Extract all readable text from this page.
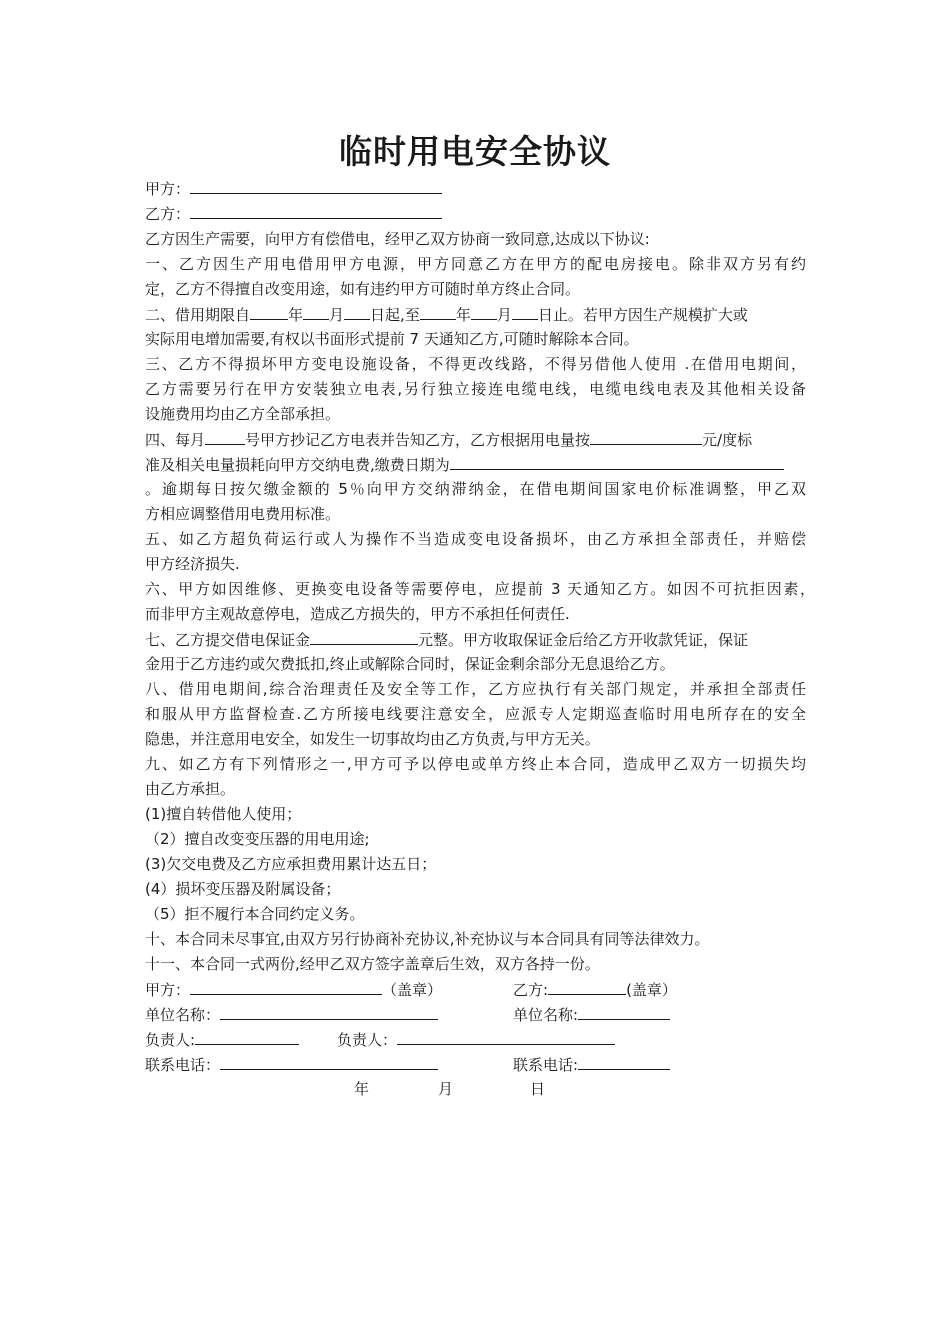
临时用电安全协议
甲方：
乙方：
乙方因生产需要，向甲方有偿借电，经甲乙双方协商一致同意,达成以下协议:
一、乙方因生产用电借用甲方电源，甲方同意乙方在甲方的配电房接电。除非双方另有约
定，乙方不得擅自改变用途，如有违约甲方可随时单方终止合同。
二、借用期限自	年 月 日起,至 年 月 日止。若甲方因生产规模扩大或
实际用电增加需要,有权以书面形式提前 7 天通知乙方,可随时解除本合同。
三、乙方不得损坏甲方变电设施设备，不得更改线路，不得另借他人使用 .在借用电期间，
乙方需要另行在甲方安装独立电表,另行独立接连电缆电线，电缆电线电表及其他相关设备
设施费用均由乙方全部承担。
四、每月	号甲方抄记乙方电表并告知乙方，乙方根据用电量按	元/度标
准及相关电量损耗向甲方交纳电费,缴费日期为
。逾期每日按欠缴金额的 5％向甲方交纳滞纳金，在借电期间国家电价标准调整，甲乙双
方相应调整借用电费用标准。
五、如乙方超负荷运行或人为操作不当造成变电设备损坏，由乙方承担全部责任，并赔偿
甲方经济损失.
六、甲方如因维修、更换变电设备等需要停电，应提前 3 天通知乙方。如因不可抗拒因素，
而非甲方主观故意停电，造成乙方损失的，甲方不承担任何责任.
七、乙方提交借电保证金	元整。甲方收取保证金后给乙方开收款凭证，保证
金用于乙方违约或欠费抵扣,终止或解除合同时，保证金剩余部分无息退给乙方。
八、借用电期间,综合治理责任及安全等工作，乙方应执行有关部门规定，并承担全部责任
和服从甲方监督检查.乙方所接电线要注意安全，应派专人定期巡查临时用电所存在的安全
隐患，并注意用电安全，如发生一切事故均由乙方负责,与甲方无关。
九、如乙方有下列情形之一,甲方可予以停电或单方终止本合同，造成甲乙双方一切损失均
由乙方承担。
(1)擅自转借他人使用；
（2）擅自改变变压器的用电用途;
(3)欠交电费及乙方应承担费用累计达五日；
(4）损坏变压器及附属设备；
（5）拒不履行本合同约定义务。
十、本合同未尽事宜,由双方另行协商补充协议,补充协议与本合同具有同等法律效力。
十一、本合同一式两份,经甲乙双方签字盖章后生效，双方各持一份。
甲方：	（盖章）	乙方:	(盖章）
单位名称：	单位名称:
负责人:	负责人：
联系电话：	联系电话:
年	月	日
